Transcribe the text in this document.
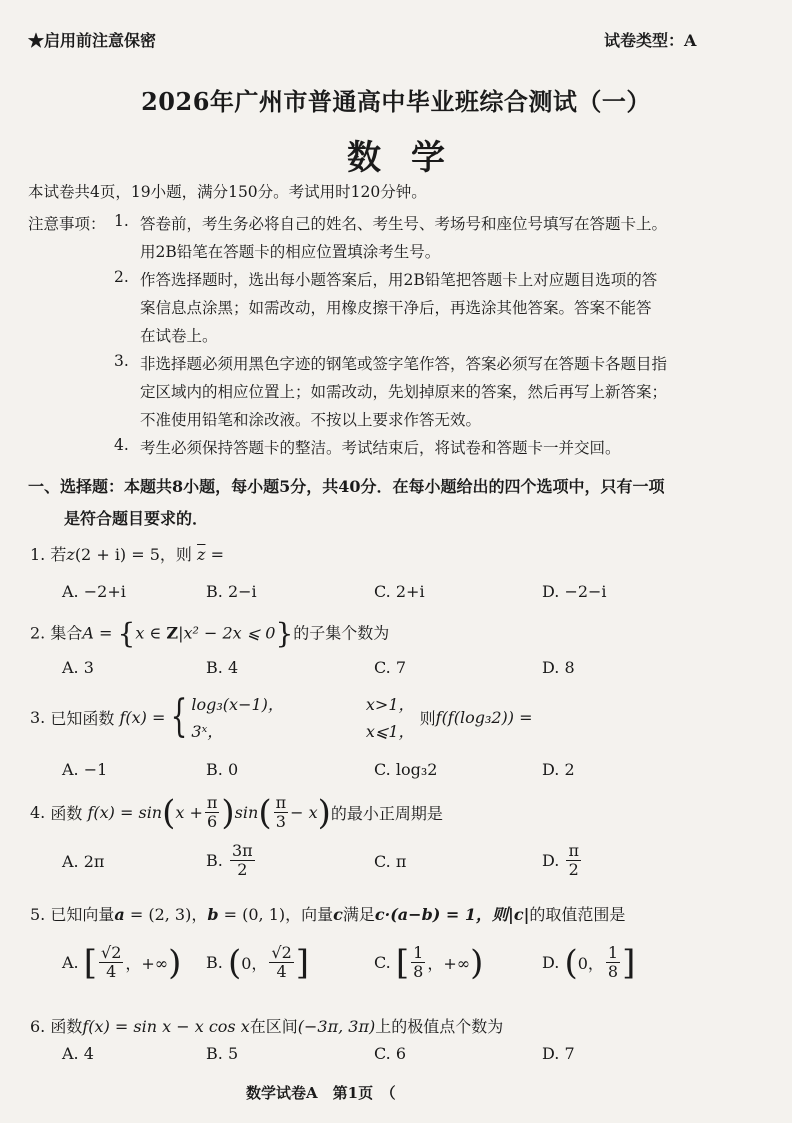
★启用前注意保密	试卷类型：A
2026年广州市普通高中毕业班综合测试（一）
数学
本试卷共4页，19小题，满分150分。考试用时120分钟。
注意事项： 1. 答卷前，考生务必将自己的姓名、考生号、考场号和座位号填写在答题卡上。
用2B铅笔在答题卡的相应位置填涂考生号。
2. 作答选择题时，选出每小题答案后，用2B铅笔把答题卡上对应题目选项的答
案信息点涂黑；如需改动，用橡皮擦干净后，再选涂其他答案。答案不能答
在试卷上。
3. 非选择题必须用黑色字迹的钢笔或签字笔作答，答案必须写在答题卡各题目指
定区域内的相应位置上；如需改动，先划掉原来的答案，然后再写上新答案；
不准使用铅笔和涂改液。不按以上要求作答无效。
4. 考生必须保持答题卡的整洁。考试结束后，将试卷和答题卡一并交回。
一、选择题：本题共8小题，每小题5分，共40分．在每小题给出的四个选项中，只有一项
是符合题目要求的．
1. 若z(2 + i) = 5，则 $\overline{z}$ =
A. −2+i	B. 2−i	C. 2+i	D. −2−i
2. 集合A = {x ∈ Z|x² − 2x ⩽ 0}的子集个数为
A. 3	B. 4	C. 7	D. 8
3.
已知函数
f(x) = { log₃(x−1)，	x>1，
3ˣ，	x⩽1，

则 f(f(log₃2)) =
A. −1	B. 0	C. log₃2	D. 2
4.
函数
f(x) = sin ( $x + \frac{\pi}{6}$ ) sin ( $\frac{\pi}{3} - x$ ) 的最小正周期是
A. 2π	B.
$\frac{3\pi}{2}$	C. π	D.
$\frac{\pi}{2}$
5. 已知向量a = (2, 3)，b = (0, 1)，向量c满足c·(a−b) = 1，则|c|的取值范围是
A.
[ $\frac{√2}{4}$ ，+∞ ) B.
( 0， $\frac{√2}{4}$ ]	C.
[ $\frac{1}{8}$ ，+∞ )	D.
( 0， $\frac{1}{8}$ ]
6. 函数f(x) = sin x − x cos x在区间(−3π, 3π)上的极值点个数为
A. 4	B. 5	C. 6	D. 7
数学试卷A　第1页　（
